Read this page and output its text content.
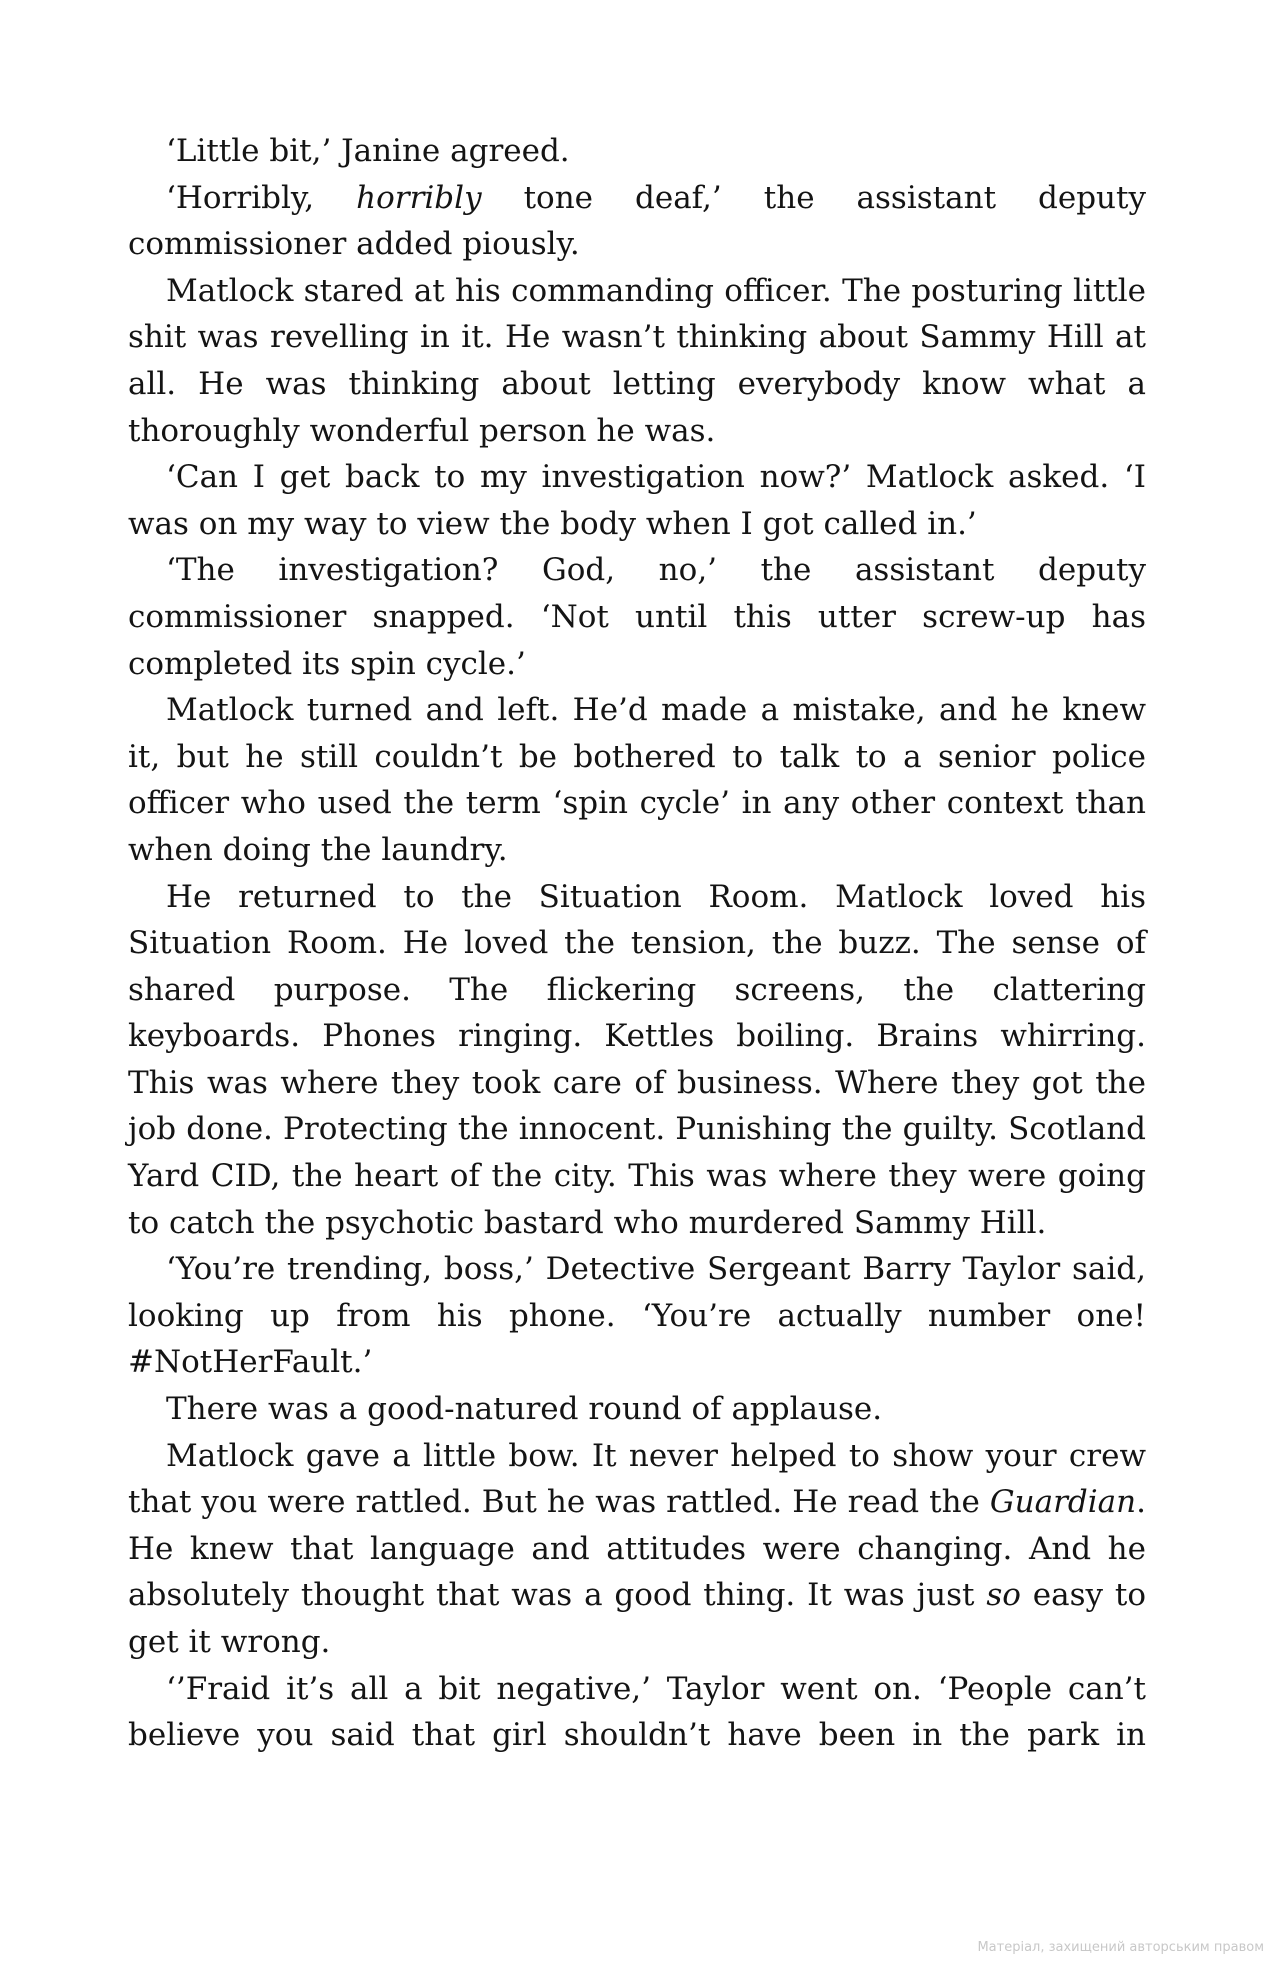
‘Little bit,’ Janine agreed.

‘Horribly, horribly tone deaf,’ the assistant deputy commissioner added piously.

Matlock stared at his commanding officer. The posturing little shit was revelling in it. He wasn’t thinking about Sammy Hill at all. He was thinking about letting everybody know what a thoroughly wonderful person he was.

‘Can I get back to my investigation now?’ Matlock asked. ‘I was on my way to view the body when I got called in.’

‘The investigation? God, no,’ the assistant deputy commissioner snapped. ‘Not until this utter screw-up has completed its spin cycle.’

Matlock turned and left. He’d made a mistake, and he knew it, but he still couldn’t be bothered to talk to a senior police officer who used the term ‘spin cycle’ in any other context than when doing the laundry.

He returned to the Situation Room. Matlock loved his Situation Room. He loved the tension, the buzz. The sense of shared purpose. The flickering screens, the clattering keyboards. Phones ringing. Kettles boiling. Brains whirring. This was where they took care of business. Where they got the job done. Protecting the innocent. Punishing the guilty. Scotland Yard CID, the heart of the city. This was where they were going to catch the psychotic bastard who murdered Sammy Hill.

‘You’re trending, boss,’ Detective Sergeant Barry Taylor said, looking up from his phone. ‘You’re actually number one! #NotHerFault.’

There was a good-natured round of applause.

Matlock gave a little bow. It never helped to show your crew that you were rattled. But he was rattled. He read the Guardian. He knew that language and attitudes were changing. And he absolutely thought that was a good thing. It was just so easy to get it wrong.

‘’Fraid it’s all a bit negative,’ Taylor went on. ‘People can’t believe you said that girl shouldn’t have been in the park in

Матеріал, захищений авторським правом
